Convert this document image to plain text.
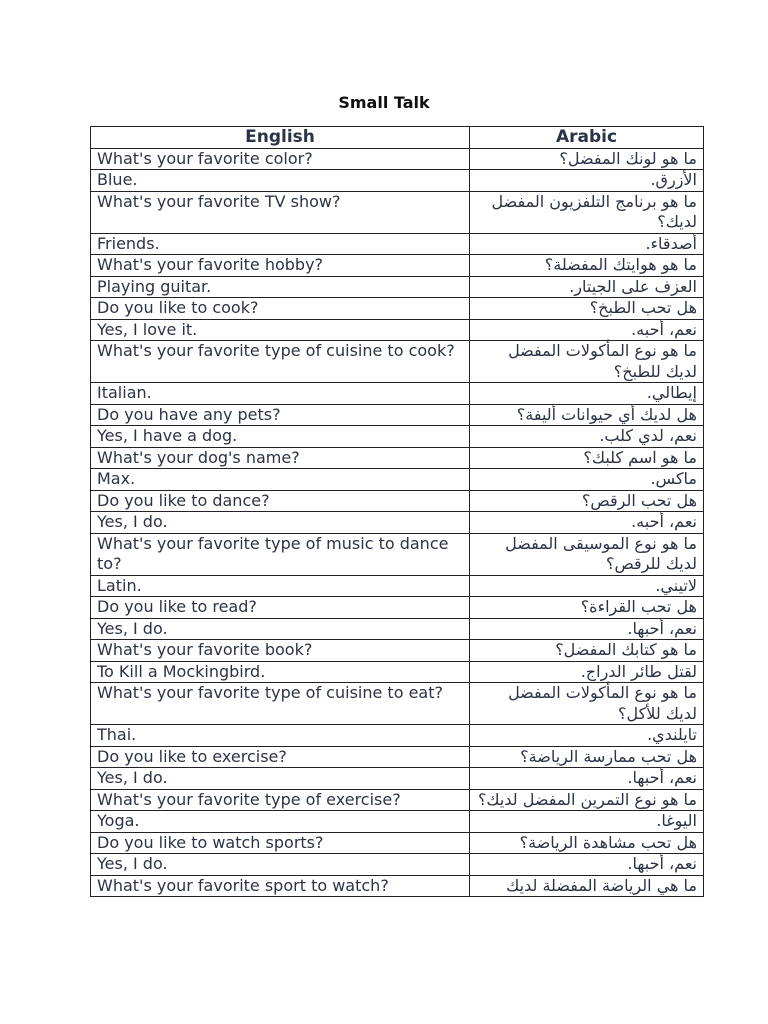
Small Talk
English	Arabic
What's your favorite color?	ما هو لونك المفضل؟
Blue.	الأزرق.
What's your favorite TV show?	ما هو برنامج التلفزيون المفضل لديك؟
Friends.	أصدقاء.
What's your favorite hobby?	ما هو هوايتك المفضلة؟
Playing guitar.	العزف على الجيتار.
Do you like to cook?	هل تحب الطبخ؟
Yes, I love it.	نعم، أحبه.
What's your favorite type of cuisine to cook?	ما هو نوع المأكولات المفضل لديك للطبخ؟
Italian.	إيطالي.
Do you have any pets?	هل لديك أي حيوانات أليفة؟
Yes, I have a dog.	نعم، لدي كلب.
What's your dog's name?	ما هو اسم كلبك؟
Max.	ماكس.
Do you like to dance?	هل تحب الرقص؟
Yes, I do.	نعم، أحبه.
What's your favorite type of music to dance to?	ما هو نوع الموسيقى المفضل لديك للرقص؟
Latin.	لاتيني.
Do you like to read?	هل تحب القراءة؟
Yes, I do.	نعم، أحبها.
What's your favorite book?	ما هو كتابك المفضل؟
To Kill a Mockingbird.	لقتل طائر الدراج.
What's your favorite type of cuisine to eat?	ما هو نوع المأكولات المفضل لديك للأكل؟
Thai.	تايلندي.
Do you like to exercise?	هل تحب ممارسة الرياضة؟
Yes, I do.	نعم، أحبها.
What's your favorite type of exercise?	ما هو نوع التمرين المفضل لديك؟
Yoga.	اليوغا.
Do you like to watch sports?	هل تحب مشاهدة الرياضة؟
Yes, I do.	نعم، أحبها.
What's your favorite sport to watch?	ما هي الرياضة المفضلة لديك
